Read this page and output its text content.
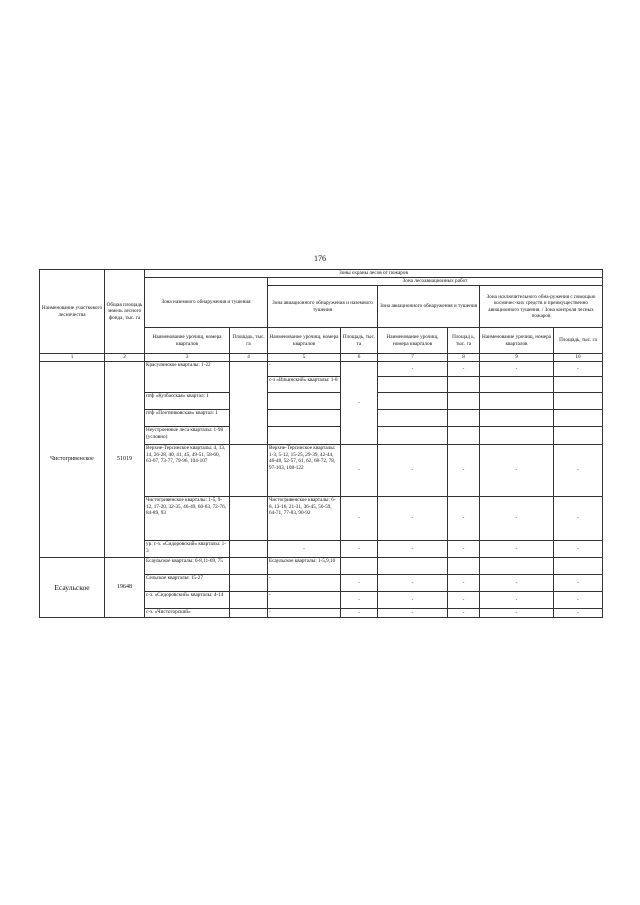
176
Наименование участкового лесничества	Общая площадь земель лесного фонда, тыс. га	Зоны охраны лесов от пожаров							
		Зона наземного обнаружения и тушения		Зона лесоавиационных работ					
				Зона авиационного обнаружения и наземного тушения		Зона авиационного обнаружения и тушения		Зона исключительного обна-ружения с помощью космичес-ких средств и преимущественно авиационного тушения. / Зона контроля лесных пожаров	
		Наименование урочищ, номера кварталов	Площадь, тыс. га	Наименование урочищ, номера кварталов	Площадь, тыс. га	Наименование урочищ, номера кварталов	Площад ь, тыс. га	Наименование урочищ, номера кварталов	Площадь, тыс. га
1	2	3	4	5	6	7	8	9	10
Чистогривенское	51019	Красулинское кварталы: 1-22		-	-	-	-	-	-
				с-з «Ильинский» кварталы: 1-8					
		птф «Кузбасская» квартал: 1							
		птф «Плотниковская» квартал: 1							
		Неустроенные леса кварталы: 1-98 (условно)							
		Верхне-Терсинское кварталы: 4, 13, 14, 26-28, 40, 41, 45, 49-51, 58-60, 63-67, 73-77, 79-96, 104-107		Верхне-Терсинское кварталы: 1-3, 5-12, 15-25, 29-39, 42-44, 46-48, 52-57, 61, 62, 68-72, 78, 97-103, 108-122	-	-	-	-	-
		Чистогривенское кварталы: 1-5, 9-12, 17-20, 32-35, 46-49, 60-63, 72-76, 84-89, 93		Чистогривенское кварталы: 6-8, 13-16, 21-31, 36-45, 50-59, 64-71, 77-83, 90-92	-	-	-	-	-
		ур. с-з. «Сидоровский» кварталы: 1-3		-	-	-	-	-	-
Есаульское	19648	Есаульское кварталы: 6-8,11-69, 75		Есаульское кварталы: 1-5,9,10					
		Сельское кварталы: 15-27		-	-	-	-	-	-
		с-з. «Сидоровский» кварталы: 4-14		-	-	-	-	-	-
		с-з. «Чистогорский»		-	-	-	-	-	-
